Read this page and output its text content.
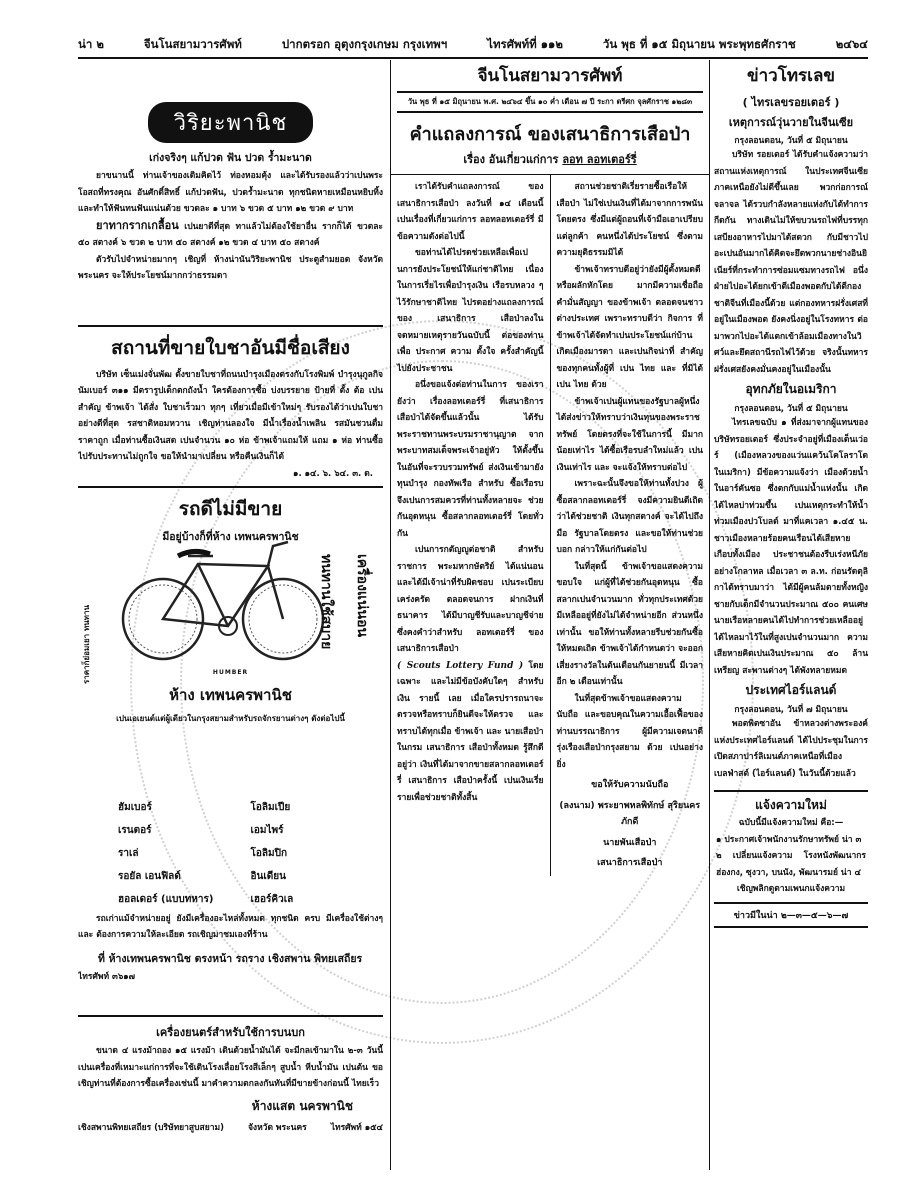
น่า ๒	จีนโนสยามวารศัพท์	ปากตรอก อุตุงกรุงเกษม กรุงเทพฯ	ไทรศัพท์ที่ ๑๑๒	วัน พุธ ที่ ๑๕ มิถุนายน พระพุทธศักราช	๒๔๖๔
วิริยะพานิช
เก่งจริงๆ แก้ปวด ฟัน ปวด ร้ำมะนาด

ยาขนานนี้ ท่านเจ้าของเดิมคิดไว้ ท่องหอมคุ้ง และได้รับรองแล้วว่าเปนพระโอสถที่ทรงคุณ อันศักดิ์สิทธิ์ แก้ปวดฟัน, ปวดร้ำมะนาด ทุกชนิดหายเหมือนหยิบทิ้ง และทำให้ฟันทนฟันแน่นด้วย ขวดละ ๑ บาท ๖ ขวด ๕ บาท ๑๒ ขวด ๙ บาท

ยาทากรากเกลื้อน เปนยาดีที่สุด ทาแล้วไม่ต้องใช้ยาอื่น รากก็ได้ ขวดละ ๕๐ สตางค์ ๖ ขวด ๒ บาท ๕๐ สตางค์ ๑๒ ขวด ๔ บาท ๕๐ สตางค์

ตัวรับไปจำหน่ายมากๆ เชิญที่ ห้างน่านันวิริยะพานิช ประตูสำมยอด จังหวัดพระนคร จะให้ประโยชน์มากกว่าธรรมดา

สถานที่ขายใบชาอันมีชื่อเสียง

บริษัท เซ็นเม่งจั่นพัฒ ตั้งขายใบชาที่ถนนบำรุงเมืองตรงกับโรงพิมพ์ บำรุงนุกูลกิจ นัมเบอร์ ๓๑๑ มีตรารูปเด็กตกถังน้ำ ใครต้องการซื้อ บ่งบรรยาย ป้ายที่ ตั้ง ต้อ เปนสำคัญ ข้าพเจ้า ได้สั่ง ใบชาเร็วมา ทุกๆ เที่ยวเมื่อมีเข้าใหม่ๆ รับรองได้ว่าเปนใบชา อย่างดีที่สุด รสชาติหอมหวาน เชิญท่านลองใจ มีน้ำเรื่องน้ำเพลิน รสมันชวนดื่ม ราคาถูก เมื่อท่านซื้อเงินสด เปนจำนวน ๑๐ ห่อ ข้าพเจ้าแถมให้ แถม ๑ ห่อ ท่านซื้อไปรับประทานไม่ถูกใจ ขอให้นำมาเปลี่ยน หรือคืนเงินก็ได้

๑. ๑๔. ๖. ๖๔. ๓. ด.
รถดีไม่มีขาย
มีอยู่บ้างก็ที่ห้าง เทพนครพานิช
ราคาก็ย่อมเยา ทนทาน	ทนทานใช้สบาย เครื่องแน่นอน
HUMBER
ห้าง เทพนครพานิช
เปนเอเยนต์แต่ผู้เดียวในกรุงสยามสำหรับรถจักรยานต่างๆ ดังต่อไปนี้
ฮัมเบอร์	โอลิมเปีย
เรนตอร์	เอมไพร์
ราเล่	โอลิมปิก
รอยัล เอนฟิลด์	อินเดียน
ฮอลเดอร์ (แบบทหาร)	เฮอร์คิวเล

รถเก่าแม้จำหน่ายอยู่ ยังมีเครื่องอะไหล่ทั้งหมด ทุกชนิด ครบ มีเครื่องใช้ต่างๆ และ ต้องการความให้ละเอียด รถเชิญมาชมเองที่ร้าน

ที่ ห้างเทพนครพานิช ตรงหน้า รถราง เชิงสพาน พิทยเสถียร
ไทรศัพท์ ๓๖๑๗
เครื่องยนตร์สำหรับใช้การบนบก

ขนาด ๔ แรงม้าถอง ๑๕ แรงม้า เดินด้วยน้ำมันได้ จะมีกลเข้ามาใน ๒-๓ วันนี้ เปนเครื่องที่เหมาะแก่การที่จะใช้เดินโรงเลื่อยโรงสีเล็กๆ สูบน้ำ หีบน้ำมัน เปนต้น ขอเชิญท่านที่ต้องการซื้อเครื่องเช่นนี้ มาคำความตกลงกันทันที่มีขายข้างก่อนนี้ ไทยเร็ว

ห้างแสต นครพานิช
เชิงสพานพิทยเสถียร (บริษัทยาสูบสยาม)	จังหวัด พระนคร	ไทรศัพท์ ๑๕๔
จีนโนสยามวารศัพท์
วัน พุธ ที่ ๑๕ มิถุนายน พ.ศ. ๒๔๖๔ ขึ้น ๑๐ ค่ำ เดือน ๗ ปี ระกา ตรีศก จุลศักราช ๑๒๘๓
คำแถลงการณ์ ของเสนาธิการเสือป่า
เรื่อง อันเกี่ยวแก่การ ลอท ลอทเตอร์รี่

เราได้รับคำแถลงการณ์ ของ เสนาธิการเสือป่า ลงวันที่ ๑๔ เดือนนี้ เปนเรื่องที่เกี่ยวแก่การ ลอทลอทเตอร์รี่ มีข้อความดังต่อไปนี้

ขอท่านได้ไปรดช่วยเหลือเพื่อเปนการยังประโยชน์ให้แก่ชาติไทย เนื่องในการเรี่ยไรเพื่อบำรุงเงิน เรือรบหลวง ๆ ไว้รักษาชาติไทย ไปรดอย่างแถลงการณ์ ของ เสนาธิการ เสือป่าลงในจดหมายเหตุรายวันฉบับนี้ ต่อของท่าน เพื่อ ประกาศ ความ ตั้งใจ ครั้งสำคัญนี้ ไปยังประชาชน

อนึ่งขอแจ้งต่อท่านในการ ของเรา ยังว่า เรื่องลอทเตอร์รี่ ที่เสนาธิการเสือป่าได้จัดขึ้นแล้วนั้น ได้รับพระราชทานพระบรมราชานุญาต จากพระบาทสมเด็จพระเจ้าอยู่หัว ให้ตั้งขึ้น ในอันที่จะรวบรวมทรัพย์ ส่งเงินเข้ามายังทุนบำรุง กองทัพเรือ สำหรับ ซื้อเรือรบ จึงเปนการสมควรที่ท่านทั้งหลายจะ ช่วยกันอุดหนุน ซื้อสลากลอทเตอร์รี่ โดยทั่วกัน

เปนการกตัญญูต่อชาติ สำหรับ ราชการ พระมหากษัตริย์ ได้แน่นอน และได้มีเจ้าน่าที่รับผิดชอบ เปนระเบียบเคร่งครัด ตลอดจนการ ฝากเงินที่ธนาคาร ได้มีบาญชีรับและบาญชีจ่าย ซึ่งคงคำว่าสำหรับ ลอทเตอร์รี่ ของเสนาธิการเสือป่า

( Scouts Lottery Fund ) โดยเฉพาะ และไม่มีข้อบังคับใดๆ สำหรับ เงิน รายนี้ เลย เมื่อใครปรารถนาจะตรวจหรือทราบก็ยินดีจะให้ตรวจ และ ทราบได้ทุกเมื่อ ข้าพเจ้า และ นายเสือป่าในกรม เสนาธิการ เสือป่าทั้งหมด รู้สึกดีอยู่ว่า เงินที่ได้มาจากขายสลากลอทเตอร์รี่ เสนาธิการ เสือป่าครั้งนี้ เปนเงินเรี่ยรายเพื่อช่วยชาติทั้งสิ้น

สถานช่วยชาติเรี่ยรายซื้อเรือให้เสือป่า ไม่ใช่เปนเงินที่ได้มาจากการพนันโดยตรง ซึ่งมีแต่ผู้ถอนที่เจ้ามือเอาเปรียบ แต่ลูกค้า คนหนึ่งได้ประโยชน์ ซึ่งตามความยุติธรรมมิได้

ข้าพเจ้าทราบดีอยู่ว่ายังมีผู้ตั้งหมดดีหรือผลักหักโดย มากมีความเชื่อถือคำมั่นสัญญา ของข้าพเจ้า ตลอดจนชาวต่างประเทศ เพราะทราบดีว่า กิจการ ที่ข้าพเจ้าได้จัดทำเปนประโยชน์แก่บ้านเกิดเมืองมารดา และเปนกิจน่าที่ สำคัญของทุกคนทั้งผู้ที่ เปน ไทย และ ที่มิได้เปน ไทย ด้วย

ข้าพเจ้าเปนผู้แทนของรัฐบาลผู้หนึ่ง ได้ส่งข่าวให้ทราบว่าเงินทุนของพระราชทรัพย์ โดยตรงที่จะใช้ในการนี้ มีมากน้อยเท่าไร ได้ซื้อเรือรบลำใหม่แล้ว เปนเงินเท่าไร และ จะแจ้งให้ทราบต่อไป

เพราะฉะนั้นจึงขอให้ท่านทั้งปวง ผู้ซื้อสลากลอทเตอร์รี่ จงมีความยินดีเถิด ว่าได้ช่วยชาติ เงินทุกสตางค์ จะได้ไปถึงมือ รัฐบาลโดยตรง และขอให้ท่านช่วยบอก กล่าวให้แก่กันต่อไป

ในที่สุดนี้ ข้าพเจ้าขอแสดงความขอบใจ แก่ผู้ที่ได้ช่วยกันอุดหนุน ซื้อสลากเปนจำนวนมาก ทั่วทุกประเทศด้วย มีเหลืออยู่ที่ยังไม่ได้จำหน่ายอีก ส่วนหนึ่งเท่านั้น ขอให้ท่านทั้งหลายรีบช่วยกันซื้อให้หมดเถิด ข้าพเจ้าได้กำหนดว่า จะออกเสี่ยงรางวัลในต้นเดือนกันยายนนี้ มีเวลาอีก ๒ เดือนเท่านั้น

ในที่สุดข้าพเจ้าขอแสดงความนับถือ และขอบคุณในความเอื้อเฟื้อของท่านบรรณาธิการ ผู้มีความเจตนาดี รุ่งเรืองเสือป่ากรุงสยาม ด้วย เปนอย่างยิ่ง

ขอให้รับความนับถือ
(ลงนาม) พระยาพหลพิทักษ์ สุริยนครภักดี
นายพันเสือป่า
เสนาธิการเสือป่า
ข่าวโทรเลข
( ไทรเลขรอยเตอร์ )
เหตุการณ์วุ่นวายในจีนเซีย
กรุงลอนดอน, วันที่ ๕ มิถุนายน

บริษัท รอยเตอร์ ได้รับคำแจ้งความว่า สถานแห่งเหตุการณ์ ในประเทศจีนเซีย ภาคเหนือยังไม่ดีขึ้นเลย พวกก่อการณ์จลาจล ได้รวบกำลังหลายแห่งกับได้ทำการกีดกัน ทางเดินไม่ให้ขบวนรถไฟที่บรรทุกเสบียงอาหารไปมาได้สดวก กับมีชาวไปอะเปนอันมากได้คิดจะยึดพวกนายช่างอินยิเนียร์ที่กระทำการซ่อมแซมทางรถไฟ อนึ่งฝ่ายไปอะได้ยกเข้าตีเมืองพอตกับได้ตีกองชาติจีนที่เมืองนี้ด้วย แต่กองทหารฝรั่งเศสที่อยู่ในเมืองพอต ยังคงนิ่งอยู่ในโรงทหาร ต่อมาพวกไปอะได้แตกเข้าล้อมเมืองทางในวิศว์และยึดสถานีรถไฟไว้ด้วย จริงนั้นทหารฝรั่งเศสยังคงมั่นคงอยู่ในเมืองนั้น

อุทกภัยในอเมริกา
กรุงลอนดอน, วันที่ ๕ มิถุนายน

ไทรเลขฉบับ ๑ ที่ส่งมาจากผู้แทนของบริษัทรอยเตอร์ ซึ่งประจำอยู่ที่เมืองเด็นเว่อร์ (เมืองหลวงของแว่นแคว้นโคโลราโด ในเมริกา) มีข้อความแจ้งว่า เมืองด้วยน้ำในอาร์คันซอ ซึ่งตกกับแม่น้ำแห่งนั้น เกิดได้ไหลบ่าท่วมขึ้น เปนเหตุกระทำให้น้ำท่วมเมืองปวโบลด์ มาที่แคเวลา ๑.๔๕ น. ชาวเมืองหลายร้อยคนเรือนได้เสียหายเกือบทั้งเมือง ประชาชนต้องรีบเร่งหนีภัยอย่างโกลาหล เมื่อเวลา ๓ ล.ท. ก่อนรัดตุลิกาได้ทราบมาว่า ได้มีผู้คนล้มตายทั้งหญิงชายกับเด็กมีจำนวนประมาณ ๕๐๐ คนเศษ นายเรือหลายคนได้ไปทำการช่วยเหลืออยู่ ได้ไหลมาไว้ในที่สูงเปนจำนวนมาก ความเสียหายคิดเปนเงินประมาณ ๕๐ ล้านเหรียญ สะพานต่างๆ ได้พังทลายหมด

ประเทศไอร์แลนด์
กรุงลอนดอน, วันที่ ๗ มิถุนายน

พอตพิตซาอัน ข้าหลวงต่างพระองค์แห่งประเทศไอร์แลนด์ ได้ไปประชุมในการเปิดสภาปาร์ลิเมนต์ภาคเหนือที่เมืองเบลฟ่าสต์ (ไอร์แลนด์) ในวันนี้ด้วยแล้ว

แจ้งความใหม่
ฉบับนี้มีแจ้งความใหม่ คือ:—
๑ ประกาศเจ้าพนักงานรักษาทรัพย์ น่า ๓
๒ เปลี่ยนแจ้งความ โรงหนังพัฒนากร ฮ่องกง, ซุงวา, บนนัง, พัฒนารมย์ น่า ๔
เชิญพลิกดูตามเพนกแจ้งความ
ข่าวมีในน่า ๒—๓—๕—๖—๗
